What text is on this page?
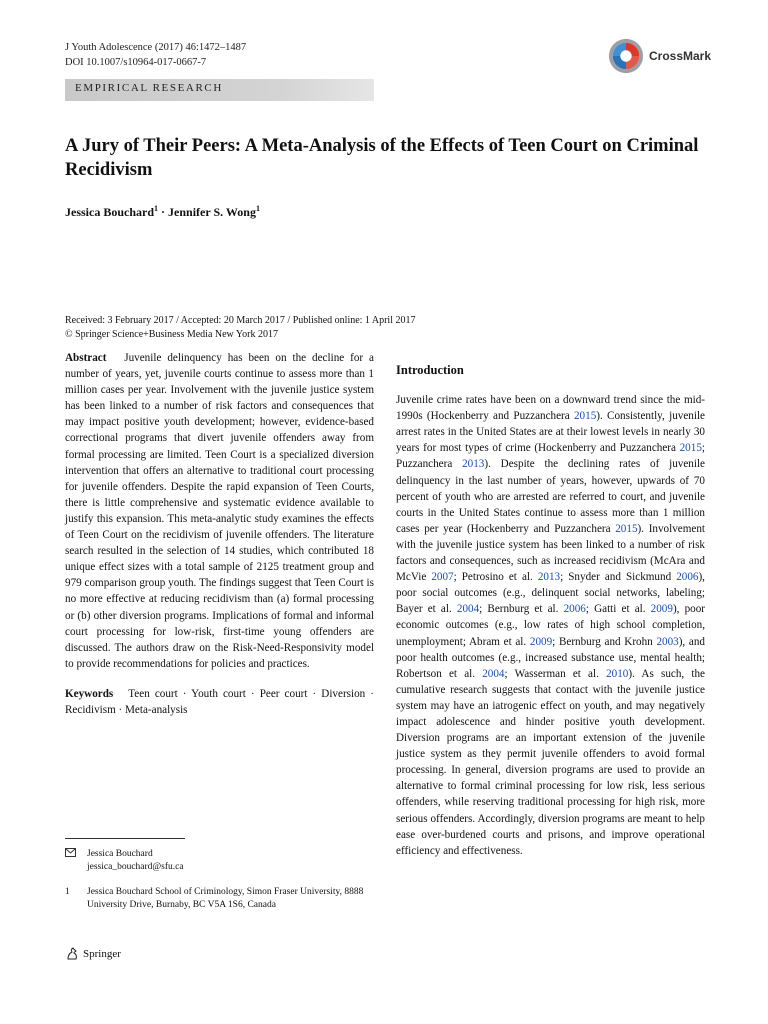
J Youth Adolescence (2017) 46:1472–1487
DOI 10.1007/s10964-017-0667-7	CrossMark
EMPIRICAL RESEARCH
A Jury of Their Peers: A Meta-Analysis of the Effects of Teen Court on Criminal Recidivism
Jessica Bouchard$^1$ · Jennifer S. Wong$^1$
Received: 3 February 2017 / Accepted: 20 March 2017 / Published online: 1 April 2017
© Springer Science+Business Media New York 2017
Abstract Juvenile delinquency has been on the decline for a number of years, yet, juvenile courts continue to assess more than 1 million cases per year. Involvement with the juvenile justice system has been linked to a number of risk factors and consequences that may impact positive youth development; however, evidence-based correctional programs that divert juvenile offenders away from formal processing are limited. Teen Court is a specialized diversion intervention that offers an alternative to traditional court processing for juvenile offenders. Despite the rapid expansion of Teen Courts, there is little comprehensive and systematic evidence available to justify this expansion. This meta-analytic study examines the effects of Teen Court on the recidivism of juvenile offenders. The literature search resulted in the selection of 14 studies, which contributed 18 unique effect sizes with a total sample of 2125 treatment group and 979 comparison group youth. The findings suggest that Teen Court is no more effective at reducing recidivism than (a) formal processing or (b) other diversion programs. Implications of formal and informal court processing for low-risk, first-time young offenders are discussed. The authors draw on the Risk-Need-Responsivity model to provide recommendations for policies and practices.
Keywords Teen court · Youth court · Peer court · Diversion · Recidivism · Meta-analysis
Jessica Bouchard
jessica_bouchard@sfu.ca
1	Jessica Bouchard School of Criminology, Simon Fraser University, 8888 University Drive, Burnaby, BC V5A 1S6, Canada
Springer
Introduction
Juvenile crime rates have been on a downward trend since the mid-1990s (Hockenberry and Puzzanchera 2015). Consistently, juvenile arrest rates in the United States are at their lowest levels in nearly 30 years for most types of crime (Hockenberry and Puzzanchera 2015; Puzzanchera 2013). Despite the declining rates of juvenile delinquency in the last number of years, however, upwards of 70 percent of youth who are arrested are referred to court, and juvenile courts in the United States continue to assess more than 1 million cases per year (Hockenberry and Puzzanchera 2015). Involvement with the juvenile justice system has been linked to a number of risk factors and consequences, such as increased recidivism (McAra and McVie 2007; Petrosino et al. 2013; Snyder and Sickmund 2006), poor social outcomes (e.g., delinquent social networks, labeling; Bayer et al. 2004; Bernburg et al. 2006; Gatti et al. 2009), poor economic outcomes (e.g., low rates of high school completion, unemployment; Abram et al. 2009; Bernburg and Krohn 2003), and poor health outcomes (e.g., increased substance use, mental health; Robertson et al. 2004; Wasserman et al. 2010). As such, the cumulative research suggests that contact with the juvenile justice system may have an iatrogenic effect on youth, and may negatively impact adolescence and hinder positive youth development. Diversion programs are an important extension of the juvenile justice system as they permit juvenile offenders to avoid formal processing. In general, diversion programs are used to provide an alternative to formal criminal processing for low risk, less serious offenders, while reserving traditional processing for high risk, more serious offenders. Accordingly, diversion programs are meant to help ease over-burdened courts and prisons, and improve operational efficiency and effectiveness.
